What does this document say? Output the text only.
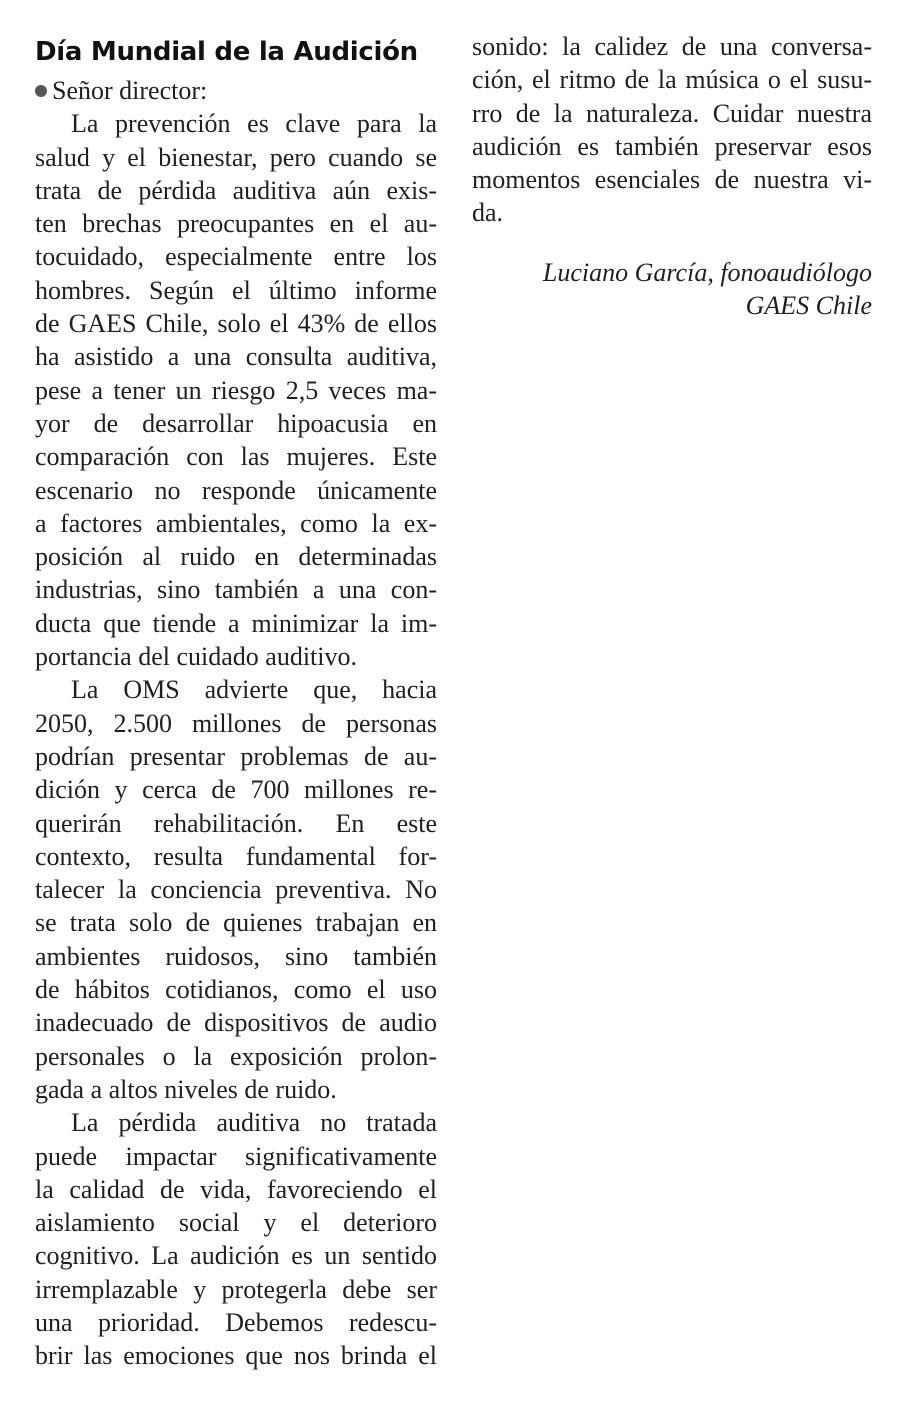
Día Mundial de la Audición
Señor director:
La prevención es clave para la
salud y el bienestar, pero cuando se
trata de pérdida auditiva aún exis-
ten brechas preocupantes en el au-
tocuidado, especialmente entre los
hombres. Según el último informe
de GAES Chile, solo el 43% de ellos
ha asistido a una consulta auditiva,
pese a tener un riesgo 2,5 veces ma-
yor de desarrollar hipoacusia en
comparación con las mujeres. Este
escenario no responde únicamente
a factores ambientales, como la ex-
posición al ruido en determinadas
industrias, sino también a una con-
ducta que tiende a minimizar la im-
portancia del cuidado auditivo.
La OMS advierte que, hacia
2050, 2.500 millones de personas
podrían presentar problemas de au-
dición y cerca de 700 millones re-
querirán rehabilitación. En este
contexto, resulta fundamental for-
talecer la conciencia preventiva. No
se trata solo de quienes trabajan en
ambientes ruidosos, sino también
de hábitos cotidianos, como el uso
inadecuado de dispositivos de audio
personales o la exposición prolon-
gada a altos niveles de ruido.
La pérdida auditiva no tratada
puede impactar significativamente
la calidad de vida, favoreciendo el
aislamiento social y el deterioro
cognitivo. La audición es un sentido
irremplazable y protegerla debe ser
una prioridad. Debemos redescu-
brir las emociones que nos brinda el
sonido: la calidez de una conversa-
ción, el ritmo de la música o el susu-
rro de la naturaleza. Cuidar nuestra
audición es también preservar esos
momentos esenciales de nuestra vi-
da.
Luciano García, fonoaudiólogo
GAES Chile
